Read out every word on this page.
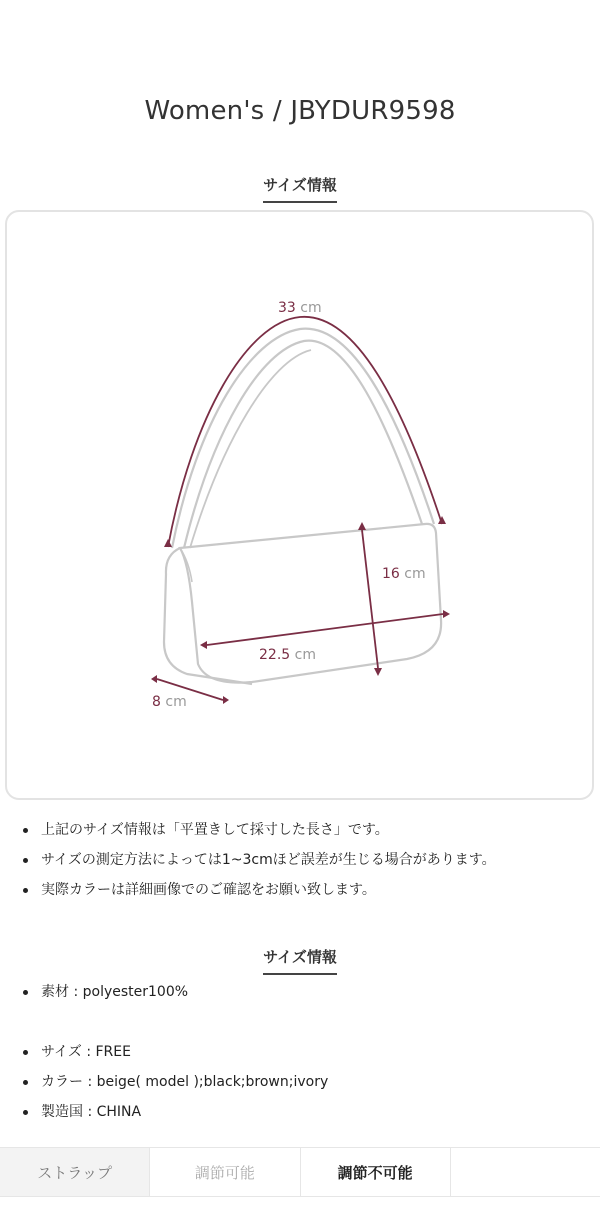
Women's / JBYDUR9598
サイズ情報
33 cm
16 cm
22.5 cm
8 cm
上記のサイズ情報は「平置きして採寸した長さ」です。
サイズの測定方法によっては1~3cmほど誤差が生じる場合があります。
実際カラーは詳細画像でのご確認をお願い致します。
サイズ情報
素材 : polyester100%
サイズ : FREE
カラー : beige( model );black;brown;ivory
製造国 : CHINA
ストラップ	調節可能	調節不可能
